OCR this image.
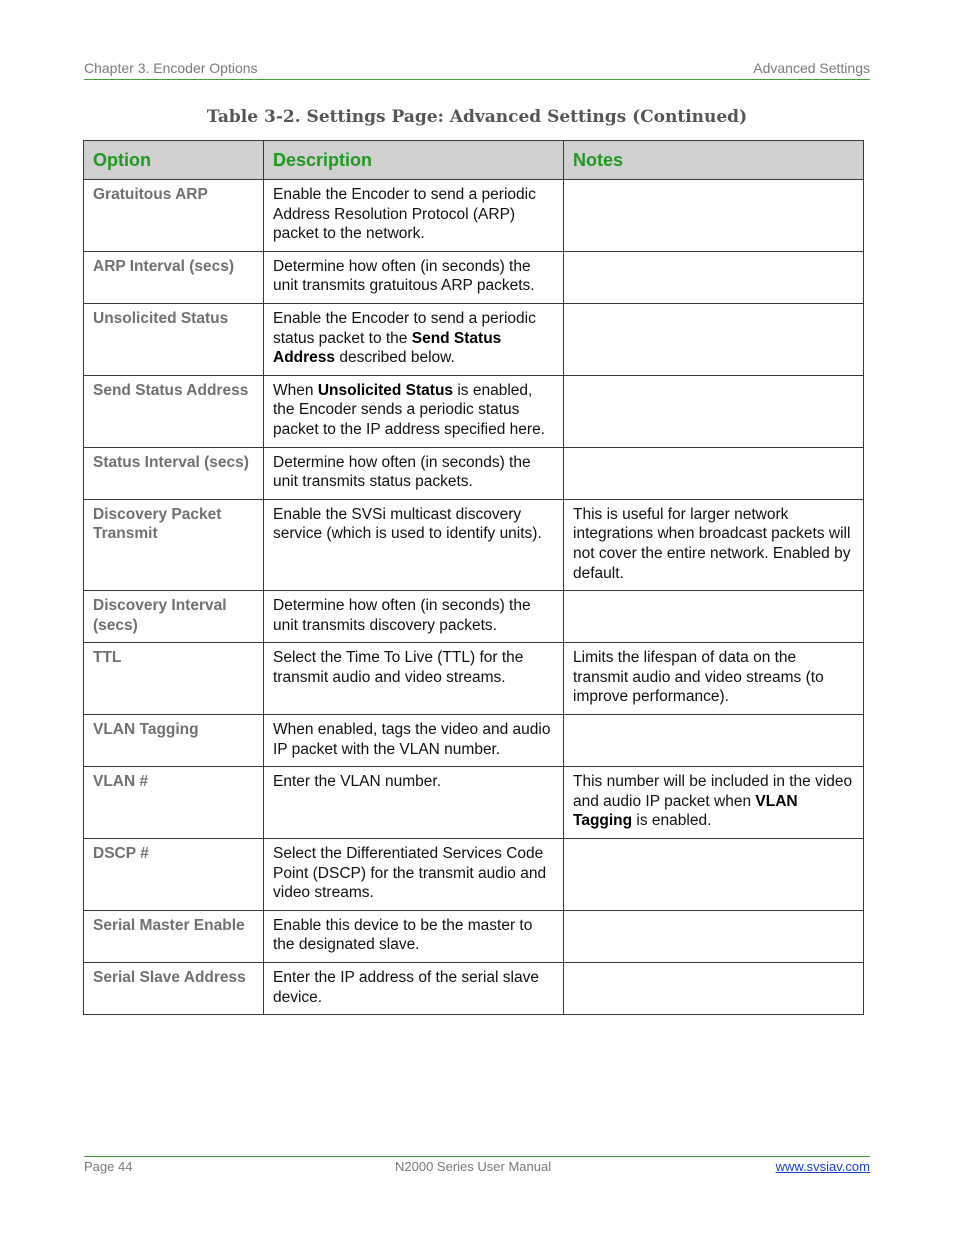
Chapter 3. Encoder Options	Advanced Settings
Table 3-2. Settings Page: Advanced Settings (Continued)
Option	Description	Notes
Gratuitous ARP	Enable the Encoder to send a periodic Address Resolution Protocol (ARP) packet to the network.	
ARP Interval (secs)	Determine how often (in seconds) the unit transmits gratuitous ARP packets.	
Unsolicited Status	Enable the Encoder to send a periodic status packet to the Send Status Address described below.	
Send Status Address	When Unsolicited Status is enabled, the Encoder sends a periodic status packet to the IP address specified here.	
Status Interval (secs)	Determine how often (in seconds) the unit transmits status packets.	
Discovery Packet Transmit	Enable the SVSi multicast discovery service (which is used to identify units).	This is useful for larger network integrations when broadcast packets will not cover the entire network. Enabled by default.
Discovery Interval (secs)	Determine how often (in seconds) the unit transmits discovery packets.	
TTL	Select the Time To Live (TTL) for the transmit audio and video streams.	Limits the lifespan of data on the transmit audio and video streams (to improve performance).
VLAN Tagging	When enabled, tags the video and audio IP packet with the VLAN number.	
VLAN #	Enter the VLAN number.	This number will be included in the video and audio IP packet when VLAN Tagging is enabled.
DSCP #	Select the Differentiated Services Code Point (DSCP) for the transmit audio and video streams.	
Serial Master Enable	Enable this device to be the master to the designated slave.	
Serial Slave Address	Enter the IP address of the serial slave device.	
Page 44	N2000 Series User Manual	www.svsiav.com
